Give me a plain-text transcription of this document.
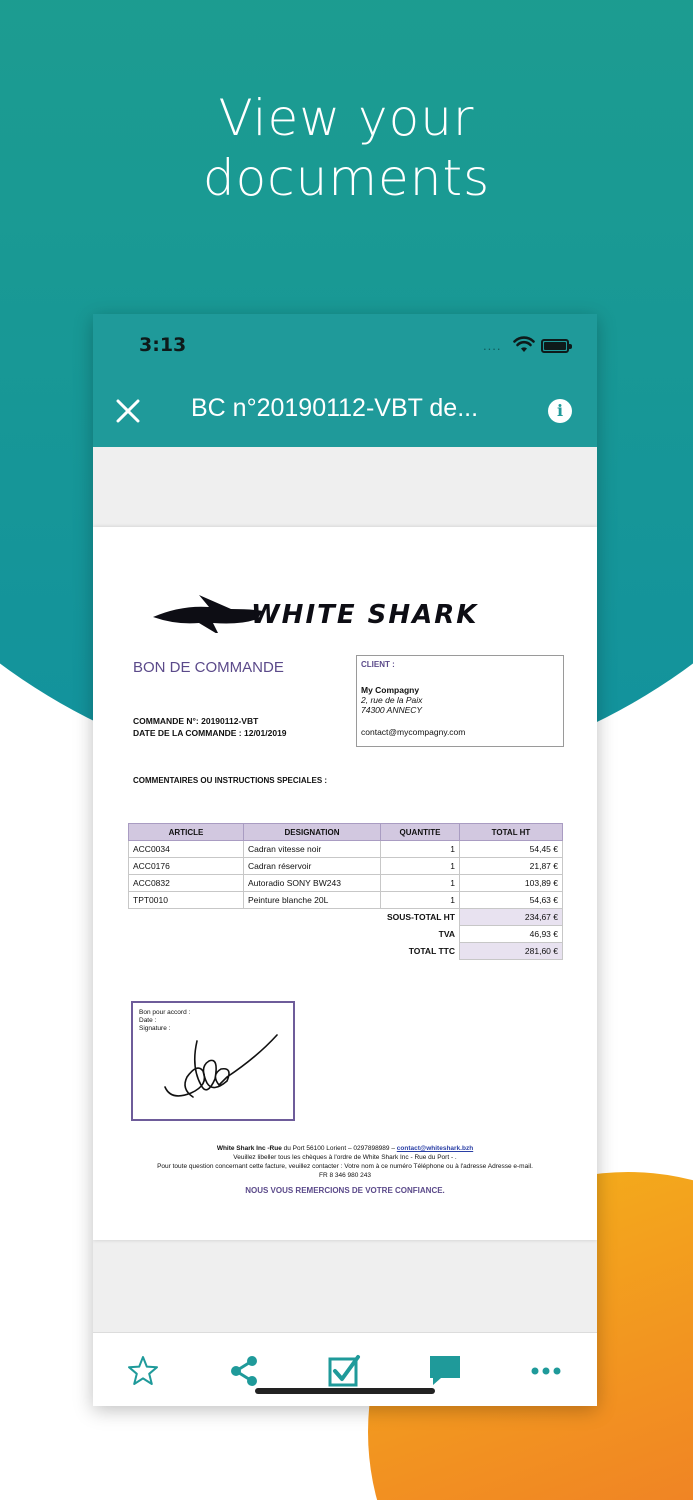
View your
documents
3:13	....
BC n°20190112-VBT de...	i
WHITE SHARK
BON DE COMMANDE
COMMANDE N°: 20190112-VBT
DATE DE LA COMMANDE : 12/01/2019
CLIENT :
My Compagny
2, rue de la Paix
74300 ANNECY
contact@mycompagny.com
COMMENTAIRES OU INSTRUCTIONS SPECIALES :
ARTICLE	DESIGNATION	QUANTITE	TOTAL HT
ACC0034	Cadran vitesse noir	1	54,45 €
ACC0176	Cadran réservoir	1	21,87 €
ACC0832	Autoradio SONY BW243	1	103,89 €
TPT0010	Peinture blanche 20L	1	54,63 €
	SOUS-TOTAL HT		234,67 €
	TVA		46,93 €
	TOTAL TTC		281,60 €
Bon pour accord :
Date :
Signature :
White Shark Inc -Rue du Port 56100 Lorient – 0297898989 – contact@whiteshark.bzh
Veuillez libeller tous les chèques à l'ordre de White Shark Inc - Rue du Port - .
Pour toute question concernant cette facture, veuillez contacter : Votre nom à ce numéro Téléphone ou à l'adresse Adresse e-mail.
FR 8 346 980 243
NOUS VOUS REMERCIONS DE VOTRE CONFIANCE.
